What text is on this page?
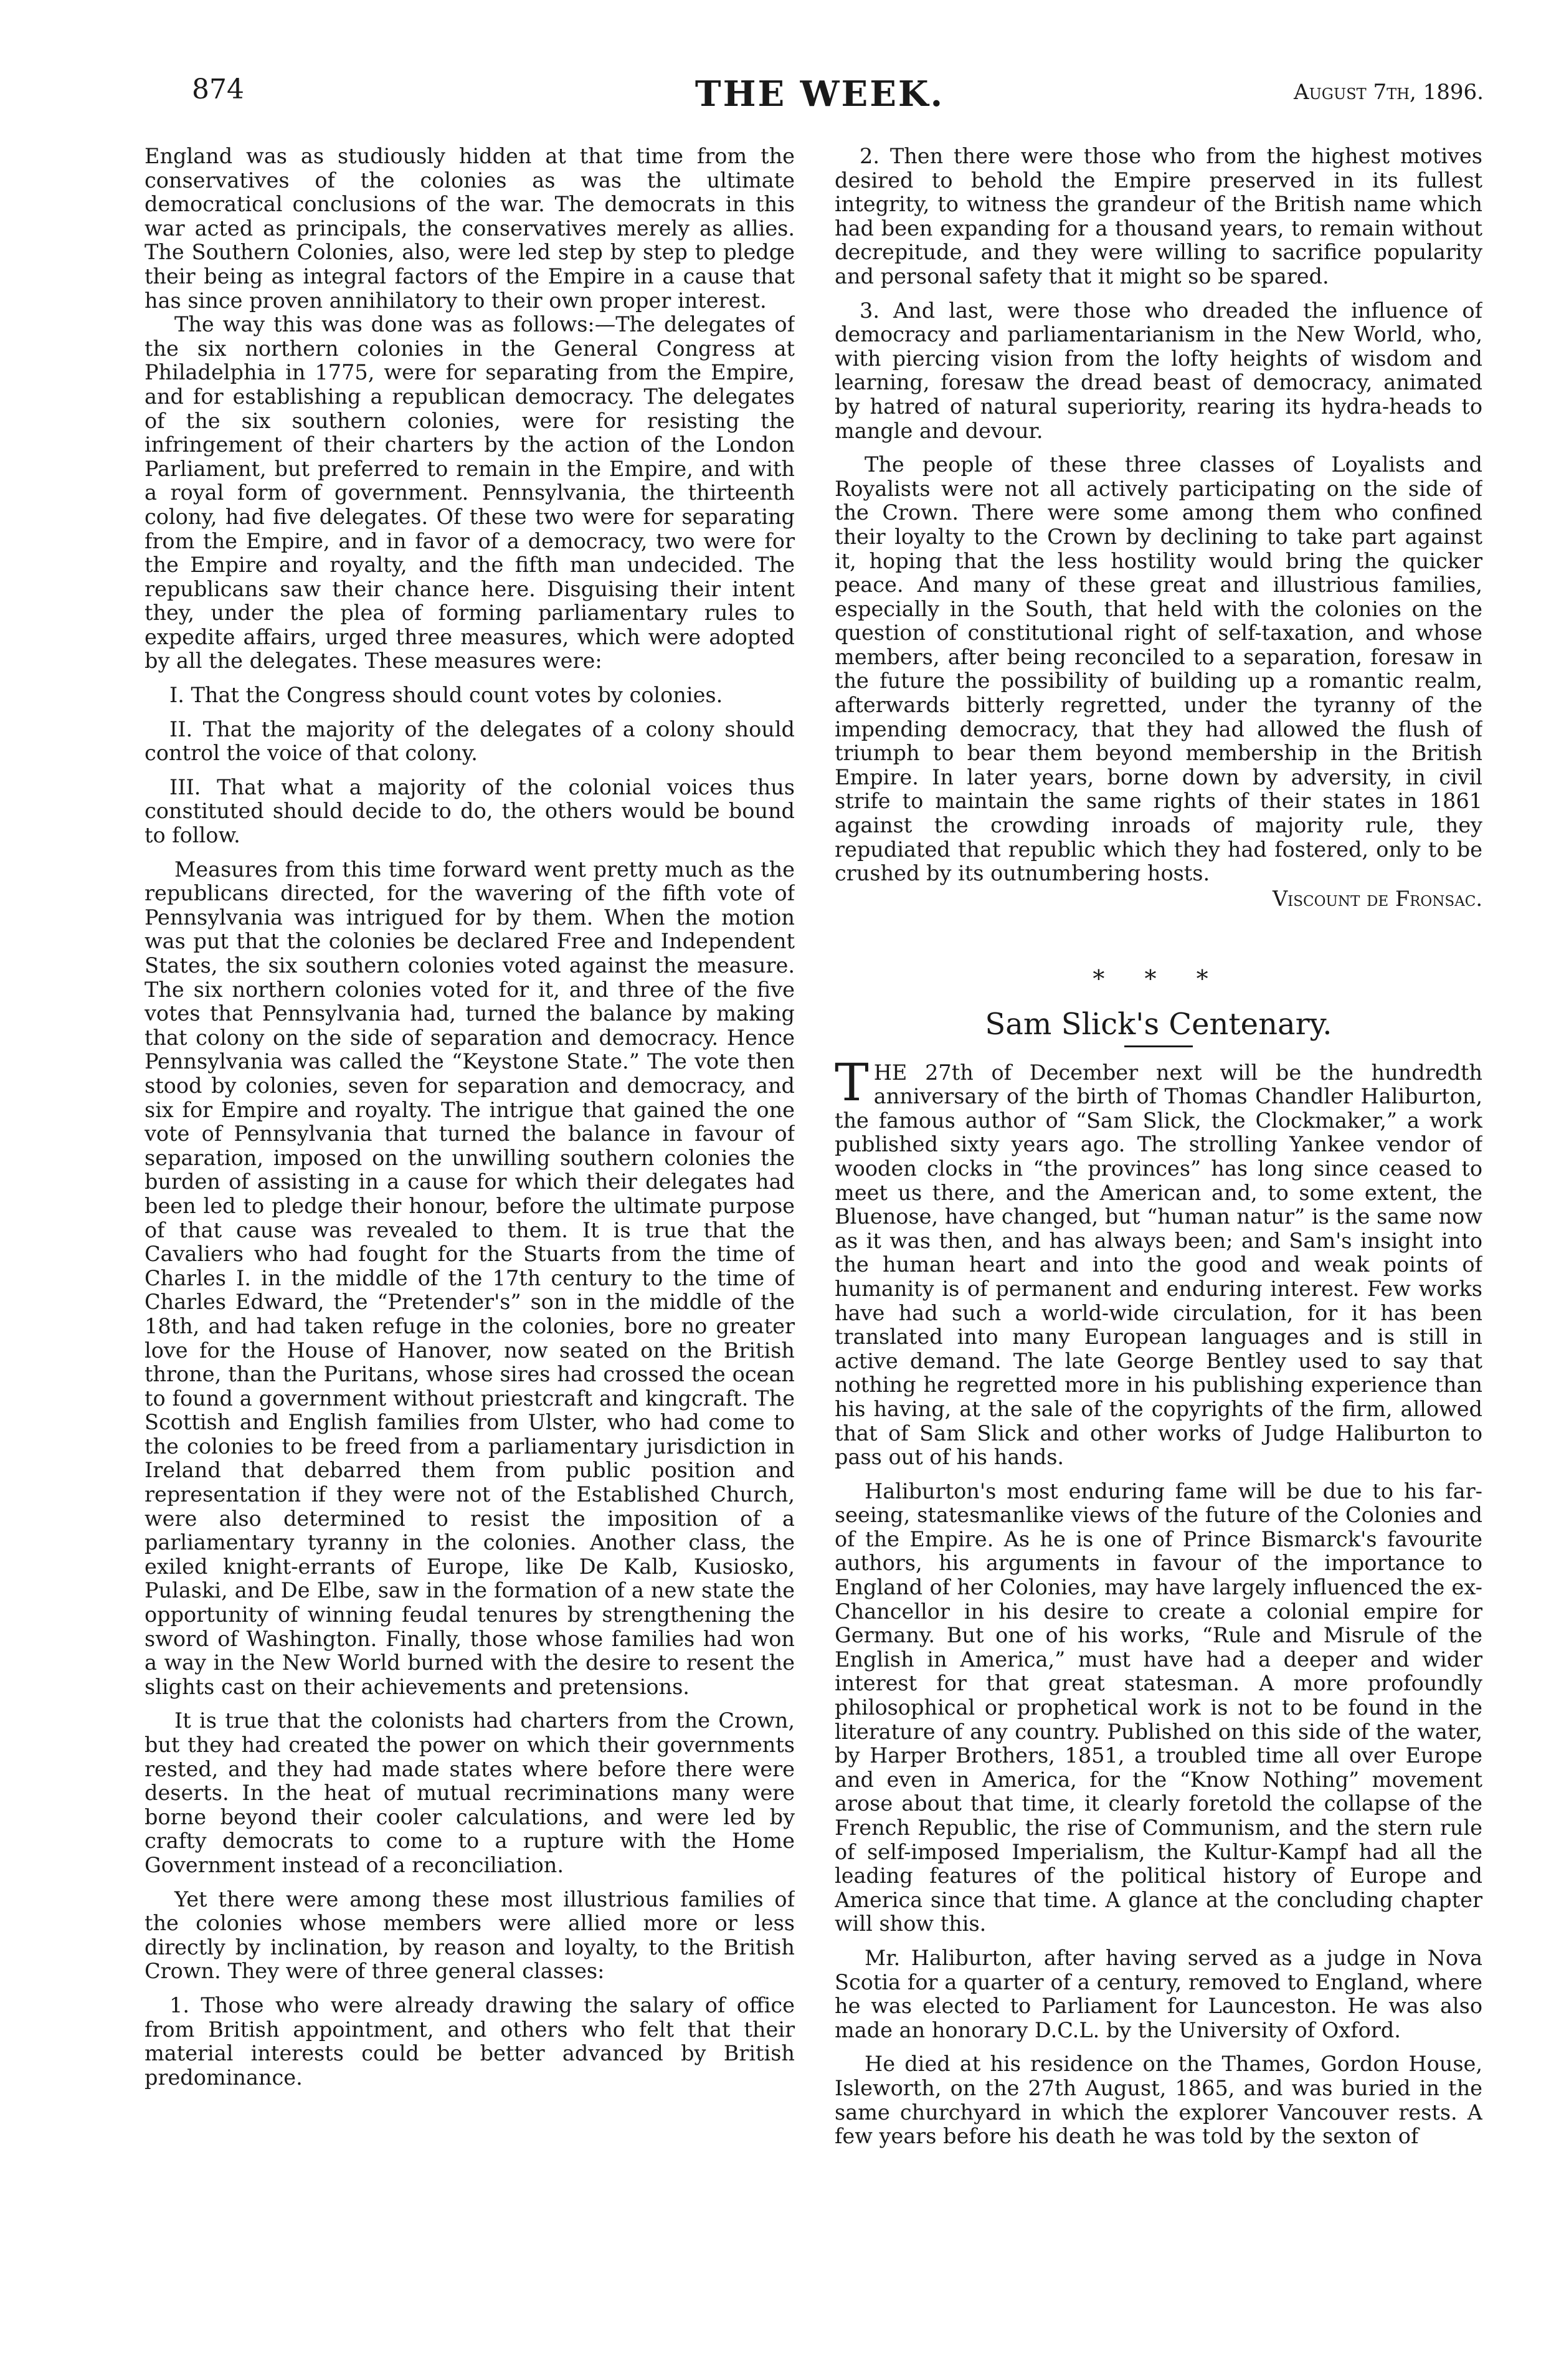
874	THE WEEK.	August 7th, 1896.

England was as studiously hidden at that time from the conservatives of the colonies as was the ultimate democratical conclusions of the war. The democrats in this war acted as principals, the conservatives merely as allies. The Southern Colonies, also, were led step by step to pledge their being as integral factors of the Empire in a cause that has since proven annihilatory to their own proper interest.

The way this was done was as follows:—The delegates of the six northern colonies in the General Congress at Philadelphia in 1775, were for separating from the Empire, and for establishing a republican democracy. The delegates of the six southern colonies, were for resisting the infringement of their charters by the action of the London Parliament, but preferred to remain in the Empire, and with a royal form of government. Pennsylvania, the thirteenth colony, had five delegates. Of these two were for separating from the Empire, and in favor of a democracy, two were for the Empire and royalty, and the fifth man undecided. The republicans saw their chance here. Disguising their intent they, under the plea of forming parliamentary rules to expedite affairs, urged three measures, which were adopted by all the delegates. These measures were:

I. That the Congress should count votes by colonies.

II. That the majority of the delegates of a colony should control the voice of that colony.

III. That what a majority of the colonial voices thus constituted should decide to do, the others would be bound to follow.

Measures from this time forward went pretty much as the republicans directed, for the wavering of the fifth vote of Pennsylvania was intrigued for by them. When the motion was put that the colonies be declared Free and Independent States, the six southern colonies voted against the measure. The six northern colonies voted for it, and three of the five votes that Pennsylvania had, turned the balance by making that colony on the side of separation and democracy. Hence Pennsylvania was called the “Keystone State.” The vote then stood by colonies, seven for separation and democracy, and six for Empire and royalty. The intrigue that gained the one vote of Pennsylvania that turned the balance in favour of separation, imposed on the unwilling southern colonies the burden of assisting in a cause for which their delegates had been led to pledge their honour, before the ultimate purpose of that cause was revealed to them. It is true that the Cavaliers who had fought for the Stuarts from the time of Charles I. in the middle of the 17th century to the time of Charles Edward, the “Pretender's” son in the middle of the 18th, and had taken refuge in the colonies, bore no greater love for the House of Hanover, now seated on the British throne, than the Puritans, whose sires had crossed the ocean to found a government without priestcraft and kingcraft. The Scottish and English families from Ulster, who had come to the colonies to be freed from a parliamentary jurisdiction in Ireland that debarred them from public position and representation if they were not of the Established Church, were also determined to resist the imposition of a parliamentary tyranny in the colonies. Another class, the exiled knight-errants of Europe, like De Kalb, Kusiosko, Pulaski, and De Elbe, saw in the formation of a new state the opportunity of winning feudal tenures by strengthening the sword of Washington. Finally, those whose families had won a way in the New World burned with the desire to resent the slights cast on their achievements and pretensions.

It is true that the colonists had charters from the Crown, but they had created the power on which their governments rested, and they had made states where before there were deserts. In the heat of mutual recriminations many were borne beyond their cooler calculations, and were led by crafty democrats to come to a rupture with the Home Government instead of a reconciliation.

Yet there were among these most illustrious families of the colonies whose members were allied more or less directly by inclination, by reason and loyalty, to the British Crown. They were of three general classes:

1. Those who were already drawing the salary of office from British appointment, and others who felt that their material interests could be better advanced by British predominance.

2. Then there were those who from the highest motives desired to behold the Empire preserved in its fullest integrity, to witness the grandeur of the British name which had been expanding for a thousand years, to remain without decrepitude, and they were willing to sacrifice popularity and personal safety that it might so be spared.

3. And last, were those who dreaded the influence of democracy and parliamentarianism in the New World, who, with piercing vision from the lofty heights of wisdom and learning, foresaw the dread beast of democracy, animated by hatred of natural superiority, rearing its hydra-heads to mangle and devour.

The people of these three classes of Loyalists and Royalists were not all actively participating on the side of the Crown. There were some among them who confined their loyalty to the Crown by declining to take part against it, hoping that the less hostility would bring the quicker peace. And many of these great and illustrious families, especially in the South, that held with the colonies on the question of constitutional right of self-taxation, and whose members, after being reconciled to a separation, foresaw in the future the possibility of building up a romantic realm, afterwards bitterly regretted, under the tyranny of the impending democracy, that they had allowed the flush of triumph to bear them beyond membership in the British Empire. In later years, borne down by adversity, in civil strife to maintain the same rights of their states in 1861 against the crowding inroads of majority rule, they repudiated that republic which they had fostered, only to be crushed by its outnumbering hosts.

Viscount de Fronsac.

* * *
Sam Slick's Centenary.

THE 27th of December next will be the hundredth anniversary of the birth of Thomas Chandler Haliburton, the famous author of “Sam Slick, the Clockmaker,” a work published sixty years ago. The strolling Yankee vendor of wooden clocks in “the provinces” has long since ceased to meet us there, and the American and, to some extent, the Bluenose, have changed, but “human natur” is the same now as it was then, and has always been; and Sam's insight into the human heart and into the good and weak points of humanity is of permanent and enduring interest. Few works have had such a world-wide circulation, for it has been translated into many European languages and is still in active demand. The late George Bentley used to say that nothing he regretted more in his publishing experience than his having, at the sale of the copyrights of the firm, allowed that of Sam Slick and other works of Judge Haliburton to pass out of his hands.

Haliburton's most enduring fame will be due to his far-seeing, statesmanlike views of the future of the Colonies and of the Empire. As he is one of Prince Bismarck's favourite authors, his arguments in favour of the importance to England of her Colonies, may have largely influenced the ex-Chancellor in his desire to create a colonial empire for Germany. But one of his works, “Rule and Misrule of the English in America,” must have had a deeper and wider interest for that great statesman. A more profoundly philosophical or prophetical work is not to be found in the literature of any country. Published on this side of the water, by Harper Brothers, 1851, a troubled time all over Europe and even in America, for the “Know Nothing” movement arose about that time, it clearly foretold the collapse of the French Republic, the rise of Communism, and the stern rule of self-imposed Imperialism, the Kultur-Kampf had all the leading features of the political history of Europe and America since that time. A glance at the concluding chapter will show this.

Mr. Haliburton, after having served as a judge in Nova Scotia for a quarter of a century, removed to England, where he was elected to Parliament for Launceston. He was also made an honorary D.C.L. by the University of Oxford.

He died at his residence on the Thames, Gordon House, Isleworth, on the 27th August, 1865, and was buried in the same churchyard in which the explorer Vancouver rests. A few years before his death he was told by the sexton of
